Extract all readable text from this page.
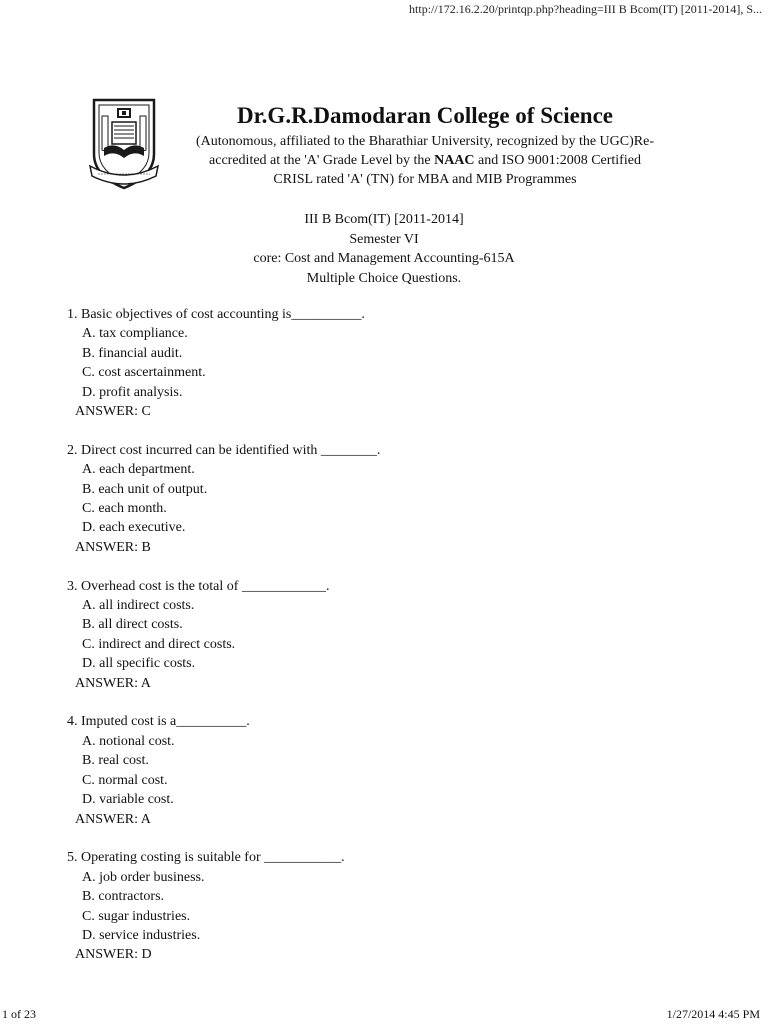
http://172.16.2.20/printqp.php?heading=III B Bcom(IT) [2011-2014], S...
Dr.G.R.Damodaran College of Science
(Autonomous, affiliated to the Bharathiar University, recognized by the UGC)Re-
accredited at the 'A' Grade Level by the NAAC and ISO 9001:2008 Certified
CRISL rated 'A' (TN) for MBA and MIB Programmes
III B Bcom(IT) [2011-2014]
Semester VI
core: Cost and Management Accounting-615A
Multiple Choice Questions.
1. Basic objectives of cost accounting is__________.
A. tax compliance.
B. financial audit.
C. cost ascertainment.
D. profit analysis.
ANSWER: C
2. Direct cost incurred can be identified with ________.
A. each department.
B. each unit of output.
C. each month.
D. each executive.
ANSWER: B
3. Overhead cost is the total of ____________.
A. all indirect costs.
B. all direct costs.
C. indirect and direct costs.
D. all specific costs.
ANSWER: A
4. Imputed cost is a__________.
A. notional cost.
B. real cost.
C. normal cost.
D. variable cost.
ANSWER: A
5. Operating costing is suitable for ___________.
A. job order business.
B. contractors.
C. sugar industries.
D. service industries.
ANSWER: D
1 of 23	1/27/2014 4:45 PM
